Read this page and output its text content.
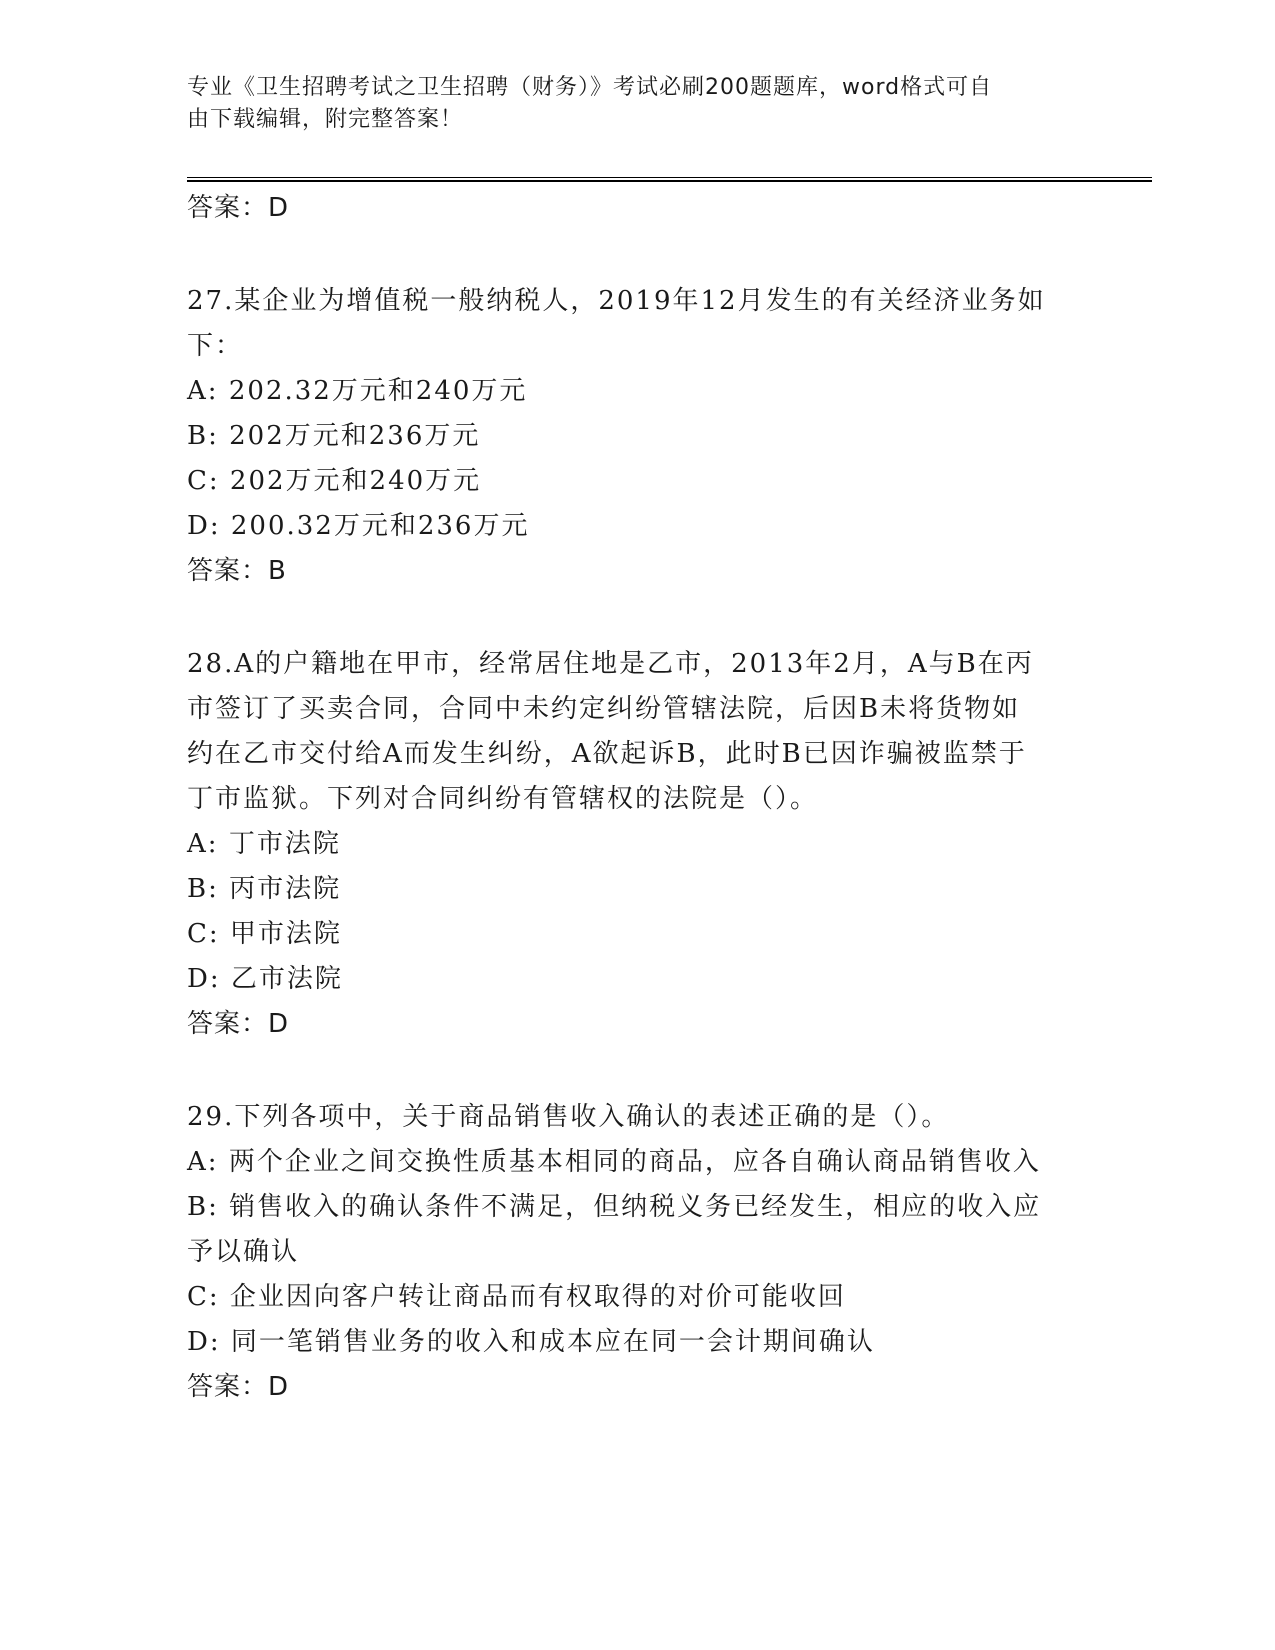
专业《卫生招聘考试之卫生招聘（财务）》考试必刷200题题库，word格式可自
由下载编辑，附完整答案！
答案：D
27.某企业为增值税一般纳税人，2019年12月发生的有关经济业务如
下：
A: 202.32万元和240万元
B: 202万元和236万元
C: 202万元和240万元
D: 200.32万元和236万元
答案：B
28.A的户籍地在甲市，经常居住地是乙市，2013年2月，A与B在丙
市签订了买卖合同，合同中未约定纠纷管辖法院，后因B未将货物如
约在乙市交付给A而发生纠纷，A欲起诉B，此时B已因诈骗被监禁于
丁市监狱。下列对合同纠纷有管辖权的法院是（）。
A: 丁市法院
B: 丙市法院
C: 甲市法院
D: 乙市法院
答案：D
29.下列各项中，关于商品销售收入确认的表述正确的是（）。
A: 两个企业之间交换性质基本相同的商品，应各自确认商品销售收入
B: 销售收入的确认条件不满足，但纳税义务已经发生，相应的收入应
予以确认
C: 企业因向客户转让商品而有权取得的对价可能收回
D: 同一笔销售业务的收入和成本应在同一会计期间确认
答案：D
